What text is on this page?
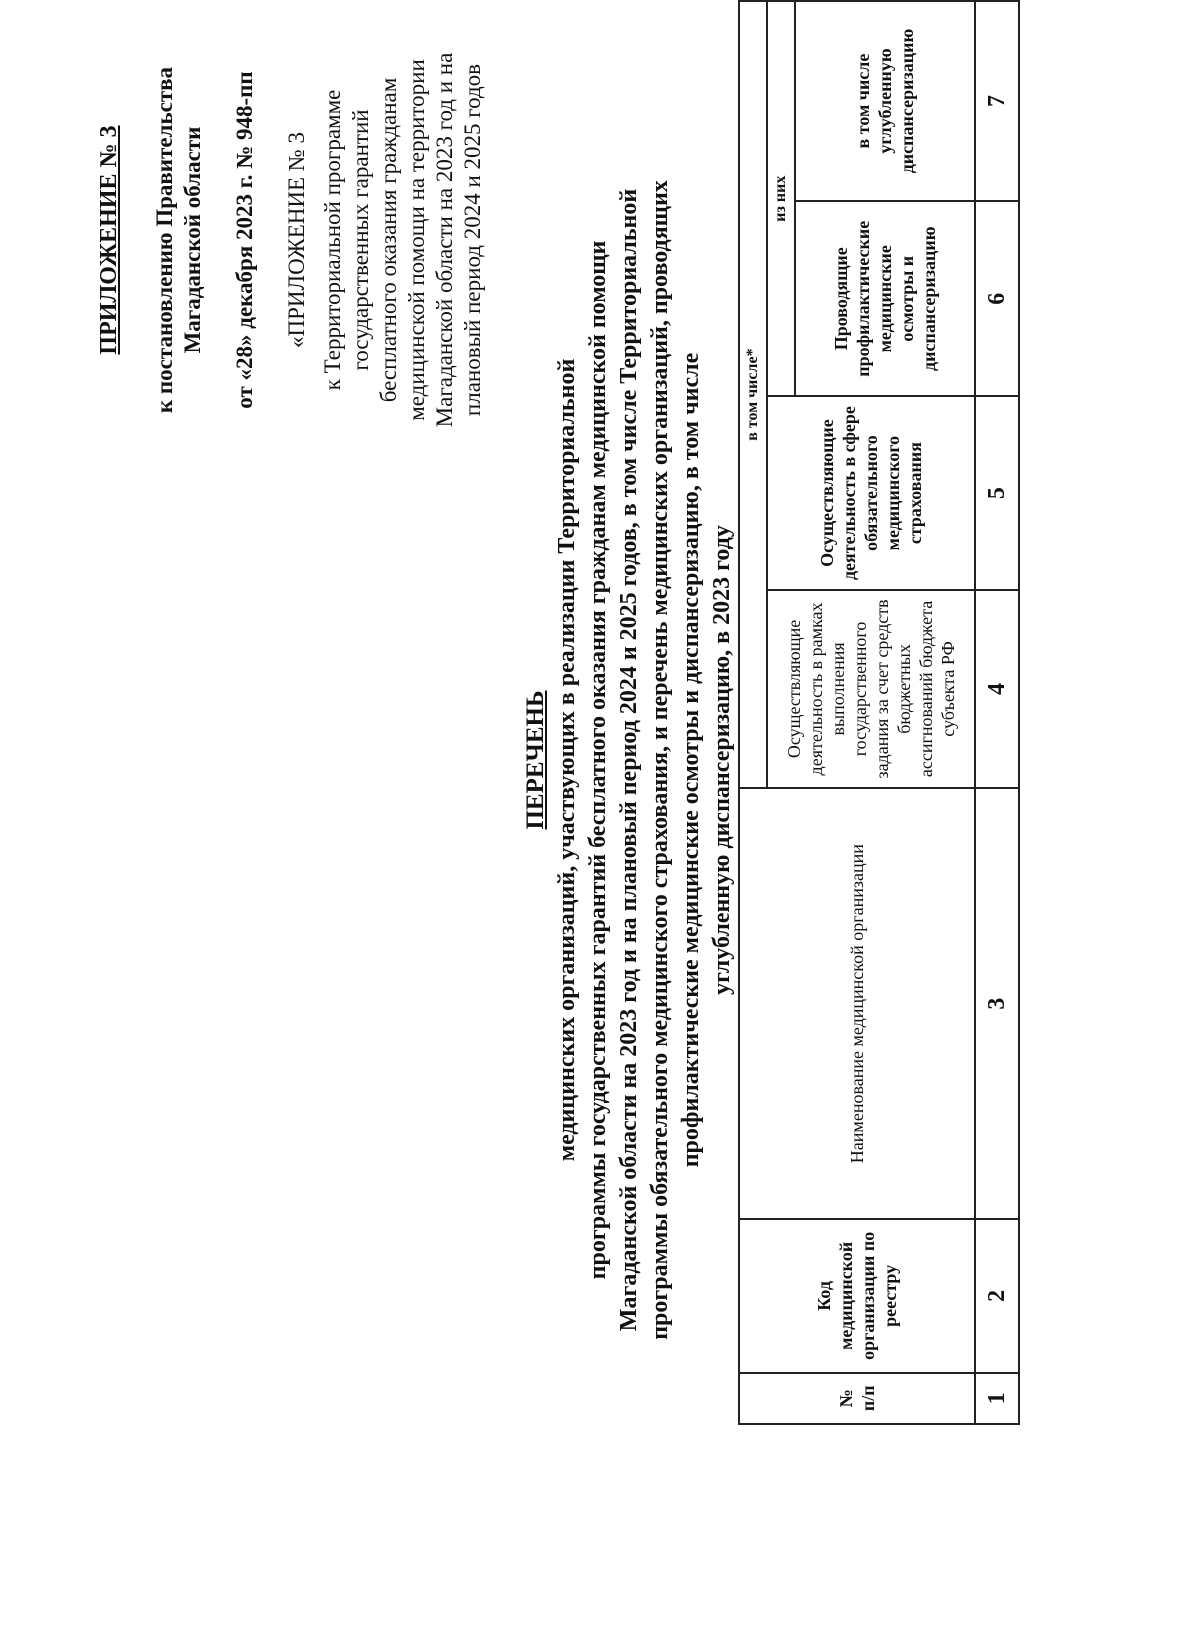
ПРИЛОЖЕНИЕ № 3 к постановлению Правительства Магаданской области от «28» декабря 2023 г. № 948-пп «ПРИЛОЖЕНИЕ № 3 к Территориальной программе государственных гарантий бесплатного оказания гражданам медицинской помощи на территории Магаданской области на 2023 год и на плановый период 2024 и 2025 годов
ПЕРЕЧЕНЬ медицинских организаций, участвующих в реализации Территориальной программы государственных гарантий бесплатного оказания гражданам медицинской помощи Магаданской области на 2023 год и на плановый период 2024 и 2025 годов, в том числе Территориальной программы обязательного медицинского страхования, и перечень медицинских организаций, проводящих профилактические медицинские осмотры и диспансеризацию, в том числе углубленную диспансеризацию, в 2023 году
№ п/п	Код медицинской организации по реестру	Наименование медицинской организации	в том числе*			
			Осуществляющие деятельность в рамках выполнения государственного задания за счет средств бюджетных ассигнований бюджета субъекта РФ	Осуществляющие деятельность в сфере обязательного медицинского страхования	из них	
					Проводящие профилактические медицинские осмотры и диспансеризацию	в том числе углубленную диспансеризацию
1	2	3	4	5	6	7
